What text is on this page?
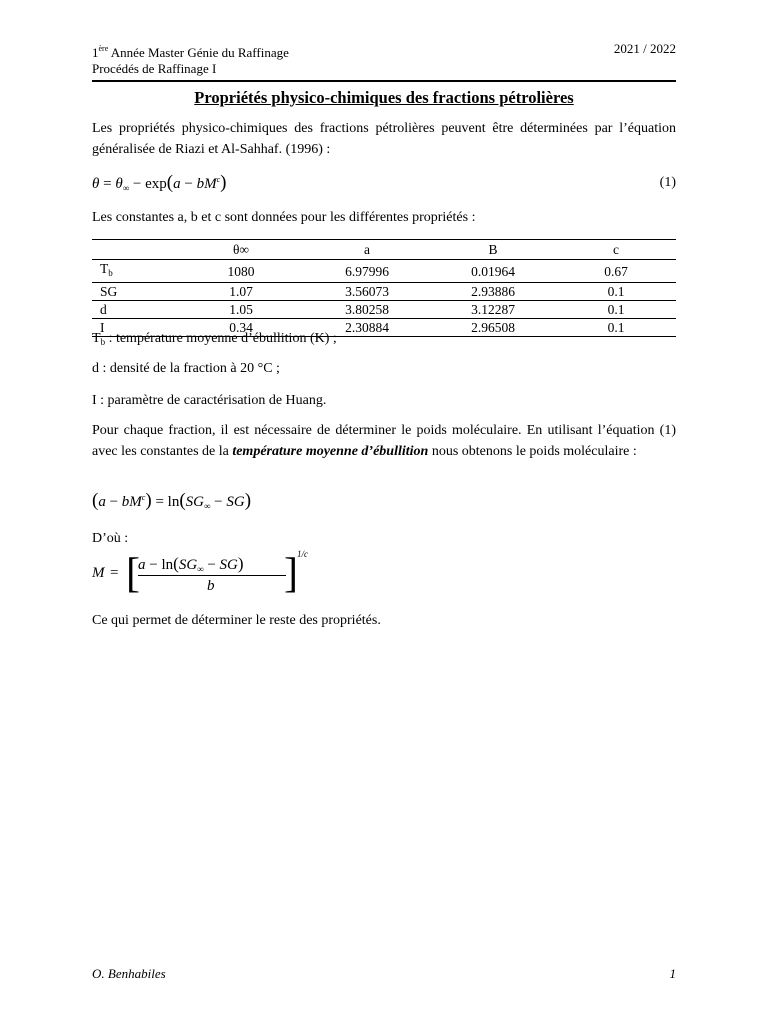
1ère Année Master Génie du Raffinage
Procédés de Raffinage I
2021 / 2022
Propriétés physico-chimiques des fractions pétrolières
Les propriétés physico-chimiques des fractions pétrolières peuvent être déterminées par l’équation généralisée de Riazi et Al-Sahhaf. (1996) :
$\theta = \theta_\infty - \exp(a - bM^c)$	(1)
Les constantes a, b et c sont données pour les différentes propriétés :
	θ∞	a	B	c
$T_b$	1080	6.97996	0.01964	0.67
SG	1.07	3.56073	2.93886	0.1
d	1.05	3.80258	3.12287	0.1
I	0.34	2.30884	2.96508	0.1
$T_b$ : température moyenne d’ébullition (K) ;
d : densité de la fraction à 20 °C ;
I : paramètre de caractérisation de Huang.
Pour chaque fraction, il est nécessaire de déterminer le poids moléculaire. En utilisant l’équation (1) avec les constantes de la température moyenne d’ébullition nous obtenons le poids moléculaire :
$(a - bM^c) = \ln(SG_\infty - SG)$
D’où :
M = [
$a - \ln(SG_\infty - SG)$
b ] 1/c
Ce qui permet de déterminer le reste des propriétés.
O. Benhabiles	1
